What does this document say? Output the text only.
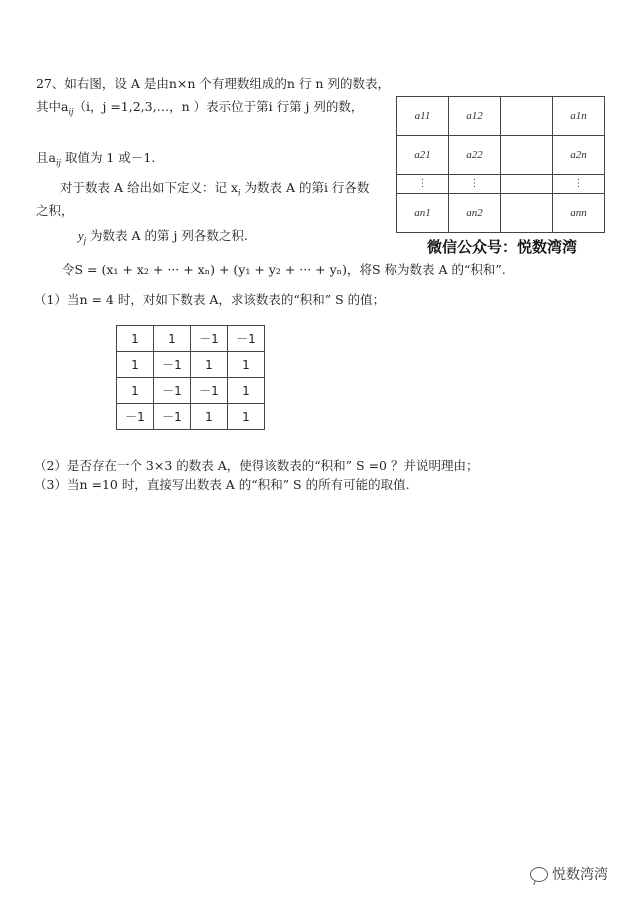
27、如右图，设 A 是由n×n 个有理数组成的n 行 n 列的数表，
其中$a_{ij}(i$，j =1,2,3,…，n ）表示位于第i 行第 j 列的数，
且$a_{ij}$ 取值为 1 或－1.
对于数表 A 给出如下定义：记 $x_i$ 为数表 A 的第i 行各数
之积，
$y_j$ 为数表 A 的第 j 列各数之积.
令S = (x₁ + x₂ + ··· + xₙ) + (y₁ + y₂ + ··· + yₙ)，将S 称为数表 A 的“积和”.
（1）当n = 4 时，对如下数表 A，求该数表的“积和” S 的值；
a11	a12		a1n
a21	a22		a2n
⋮	⋮		⋮
an1	an2		ann
微信公众号：悦数湾湾
1	1	－1	－1
1	－1	1	1
1	－1	－1	1
－1	－1	1	1
（2）是否存在一个 3×3 的数表 A，使得该数表的“积和” S =0 ？并说明理由；
（3）当n =10 时，直接写出数表 A 的“积和” S 的所有可能的取值.
悦数湾湾
